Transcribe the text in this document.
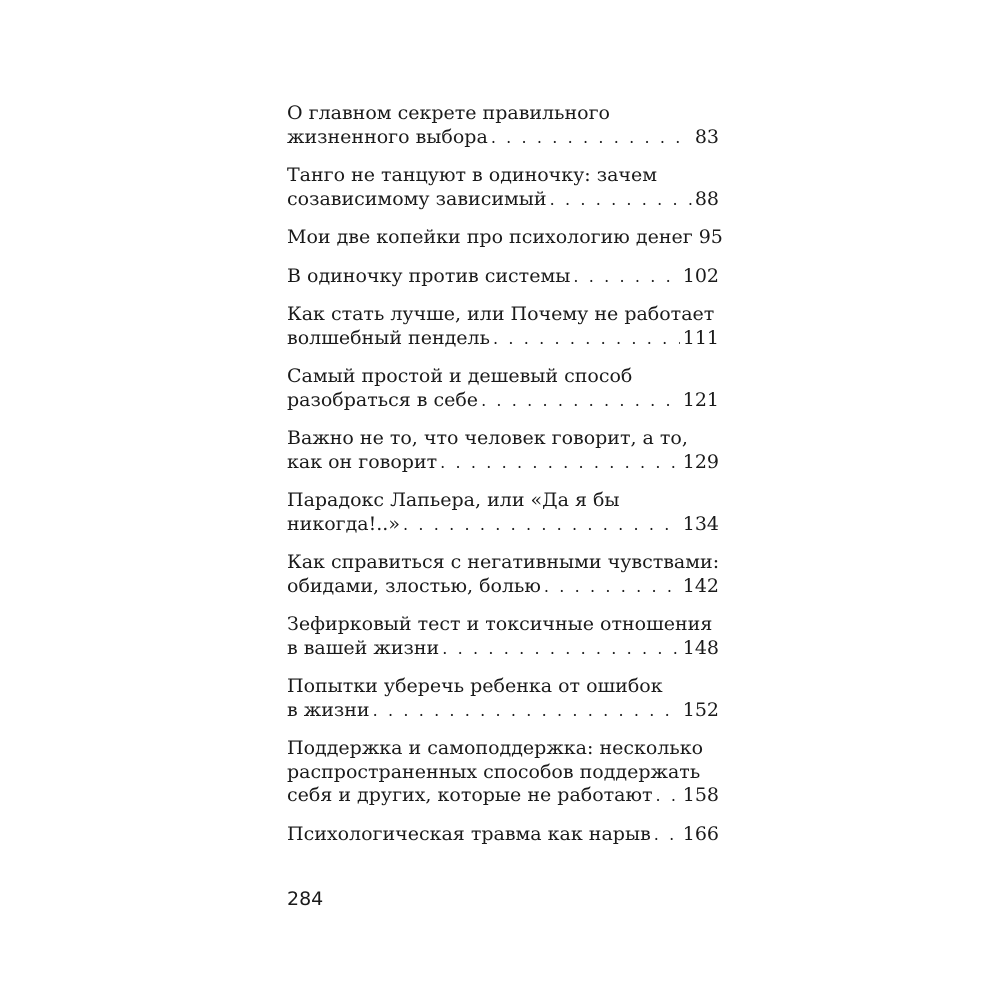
О главном секрете правильного
жизненного выбора . . .	83
Танго не танцуют в одиночку: зачем
созависимому зависимый . . .	88
Мои две копейки про психологию денег 95
В одиночку против системы . . .	102
Как стать лучше, или Почему не работает
волшебный пендель . . .	111
Самый простой и дешевый способ
разобраться в себе . . .	121
Важно не то, что человек говорит, а то,
как он говорит . . .	129
Парадокс Лапьера, или «Да я бы
никогда!..» . . .	134
Как справиться с негативными чувствами:
обидами, злостью, болью . . .	142
Зефирковый тест и токсичные отношения
в вашей жизни . . .	148
Попытки уберечь ребенка от ошибок
в жизни . . .	152
Поддержка и самоподдержка: несколько
распространенных способов поддержать
себя и других, которые не работают . . . 158
Психологическая травма как нарыв . . . 166
284
